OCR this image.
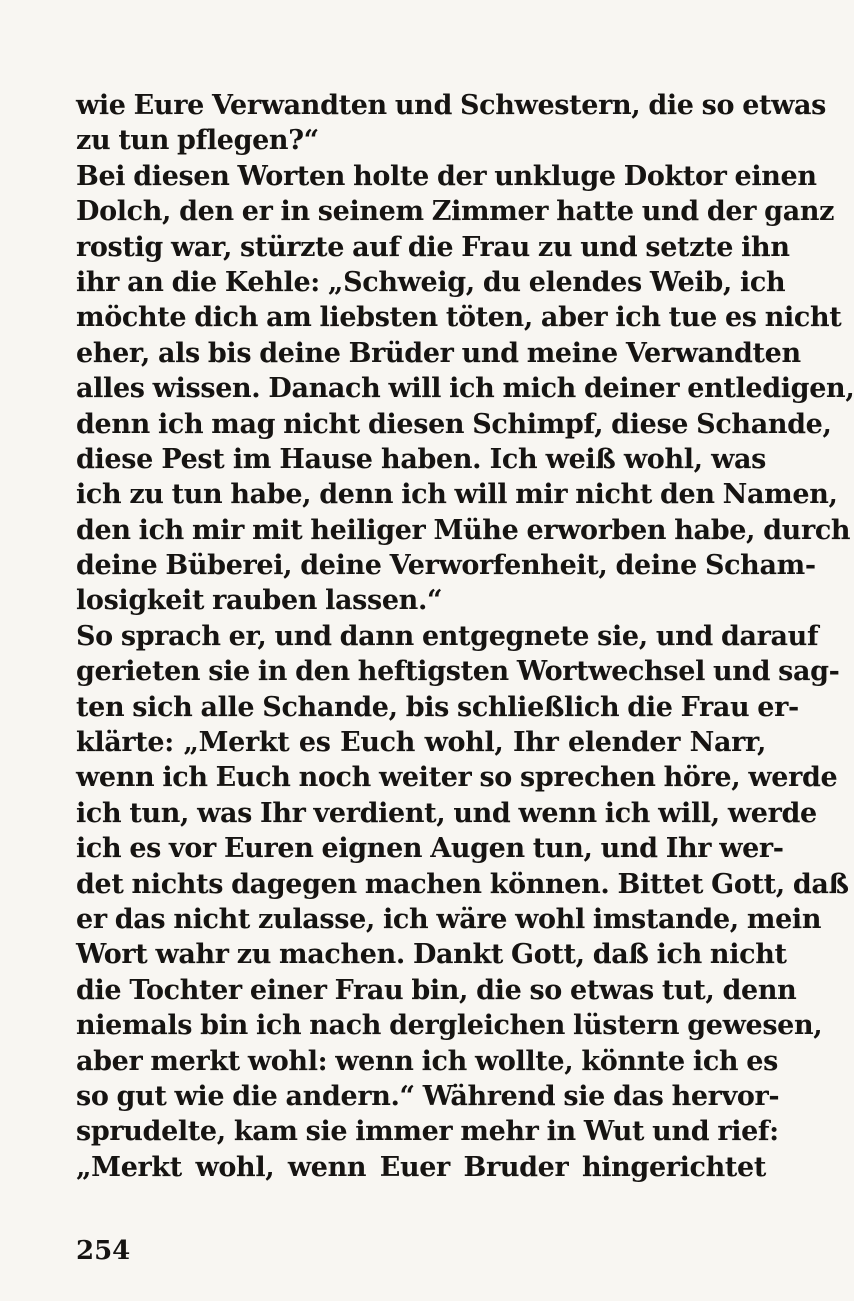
wie Eure Verwandten und Schwestern, die so etwas
zu tun pflegen?“
Bei diesen Worten holte der unkluge Doktor einen
Dolch, den er in seinem Zimmer hatte und der ganz
rostig war, stürzte auf die Frau zu und setzte ihn
ihr an die Kehle: „Schweig, du elendes Weib, ich
möchte dich am liebsten töten, aber ich tue es nicht
eher, als bis deine Brüder und meine Verwandten
alles wissen. Danach will ich mich deiner entledigen,
denn ich mag nicht diesen Schimpf, diese Schande,
diese Pest im Hause haben. Ich weiß wohl, was
ich zu tun habe, denn ich will mir nicht den Namen,
den ich mir mit heiliger Mühe erworben habe, durch
deine Büberei, deine Verworfenheit, deine Scham-
losigkeit rauben lassen.“
So sprach er, und dann entgegnete sie, und darauf
gerieten sie in den heftigsten Wortwechsel und sag-
ten sich alle Schande, bis schließlich die Frau er-
klärte: „Merkt es Euch wohl, Ihr elender Narr,
wenn ich Euch noch weiter so sprechen höre, werde
ich tun, was Ihr verdient, und wenn ich will, werde
ich es vor Euren eignen Augen tun, und Ihr wer-
det nichts dagegen machen können. Bittet Gott, daß
er das nicht zulasse, ich wäre wohl imstande, mein
Wort wahr zu machen. Dankt Gott, daß ich nicht
die Tochter einer Frau bin, die so etwas tut, denn
niemals bin ich nach dergleichen lüstern gewesen,
aber merkt wohl: wenn ich wollte, könnte ich es
so gut wie die andern.“ Während sie das hervor-
sprudelte, kam sie immer mehr in Wut und rief:
„Merkt wohl, wenn Euer Bruder hingerichtet
254
